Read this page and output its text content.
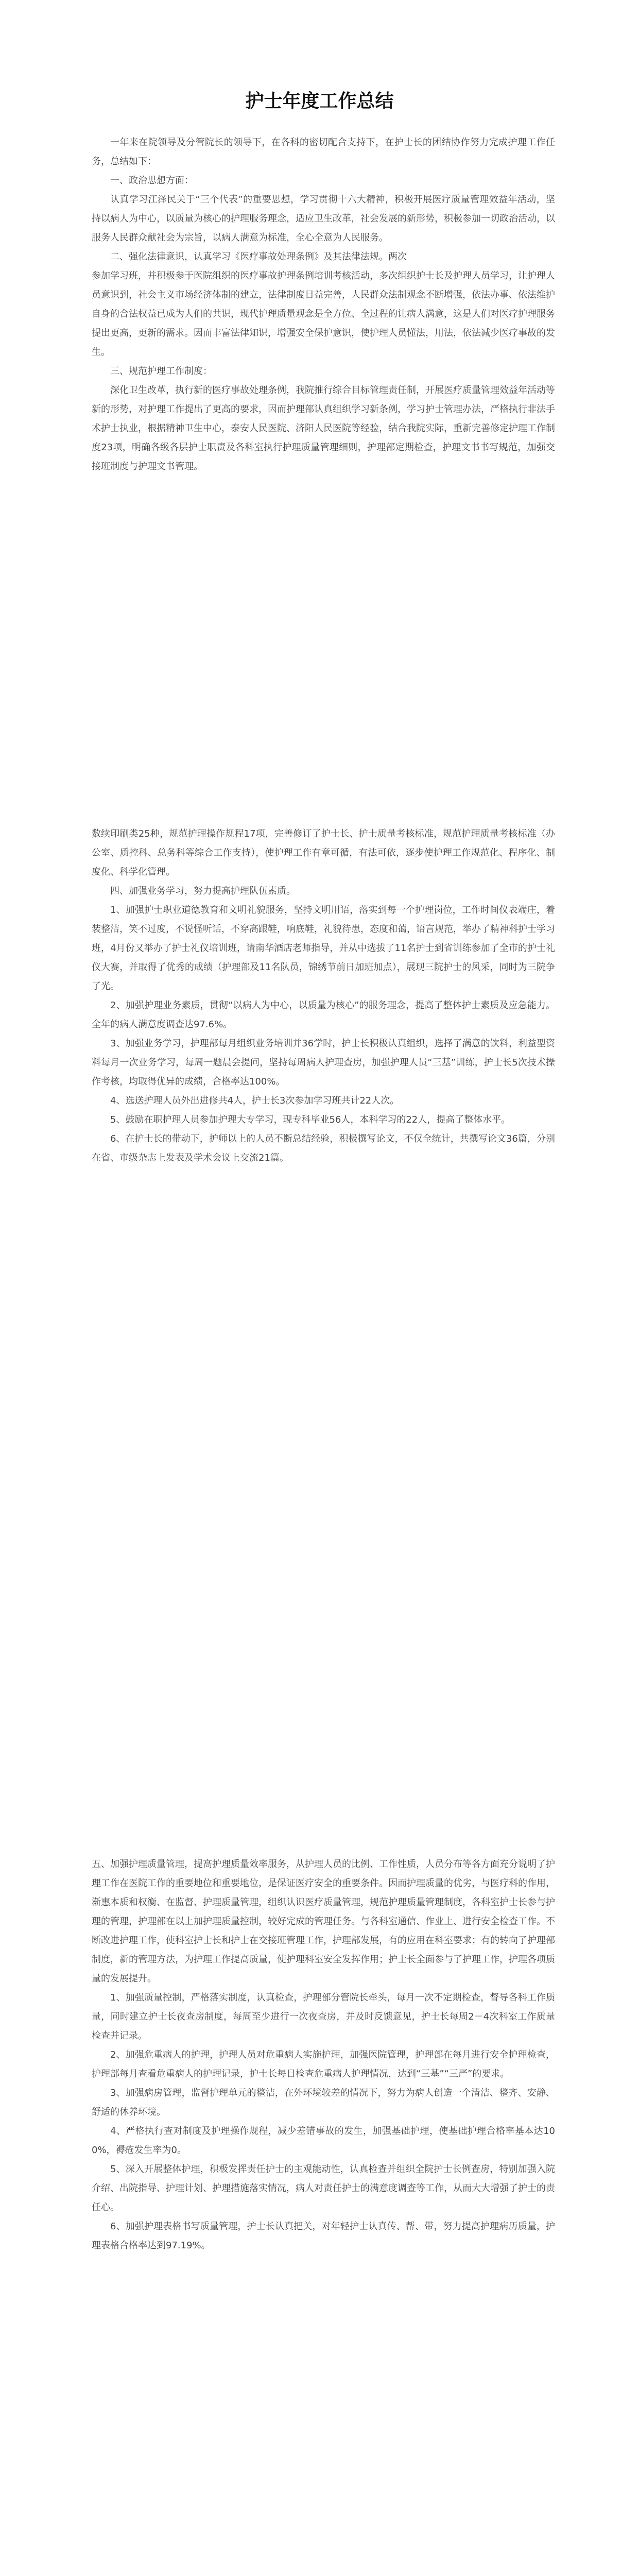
护士年度工作总结

一年来在院领导及分管院长的领导下，在各科的密切配合支持下，在护士长的团结协作努力完成护理工作任务，总结如下：

一、政治思想方面：

认真学习江泽民关于“三个代表”的重要思想，学习贯彻十六大精神，积极开展医疗质量管理效益年活动，坚持以病人为中心，以质量为核心的护理服务理念，适应卫生改革，社会发展的新形势，积极参加一切政治活动，以服务人民群众献社会为宗旨，以病人满意为标准，全心全意为人民服务。

二、强化法律意识，认真学习《医疗事故处理条例》及其法律法规。两次

参加学习班，并积极参于医院组织的医疗事故护理条例培训考核活动，多次组织护士长及护理人员学习，让护理人员意识到，社会主义市场经济体制的建立，法律制度日益完善，人民群众法制观念不断增强，依法办事、依法维护自身的合法权益已成为人们的共识，现代护理质量观念是全方位、全过程的让病人满意，这是人们对医疗护理服务提出更高，更新的需求。因而丰富法律知识，增强安全保护意识，使护理人员懂法，用法，依法减少医疗事故的发生。

三、规范护理工作制度：

深化卫生改革，执行新的医疗事故处理条例，我院推行综合目标管理责任制，开展医疗质量管理效益年活动等新的形势，对护理工作提出了更高的要求，因而护理部认真组织学习新条例，学习护士管理办法，严格执行非法手术护士执业，根据精神卫生中心，泰安人民医院、济阳人民医院等经验，结合我院实际，重新完善修定护理工作制度23项，明确各级各层护士职责及各科室执行护理质量管理细则，护理部定期检查，护理文书书写规范，加强交接班制度与护理文书管理。

数续印刷类25种，规范护理操作规程17项，完善修订了护士长、护士质量考核标准，规范护理质量考核标准（办公室、质控科、总务科等综合工作支持），使护理工作有章可循，有法可依，逐步使护理工作规范化、程序化、制度化、科学化管理。

四、加强业务学习，努力提高护理队伍素质。

1、加强护士职业道德教育和文明礼貌服务，坚持文明用语，落实到每一个护理岗位，工作时间仪表端庄，着装整洁，笑不过度，不说怪听话，不穿高跟鞋，响底鞋，礼貌待患，态度和蔼，语言规范，举办了精神科护士学习班，4月份又举办了护士礼仪培训班，请南华酒店老师指导，并从中选拔了11名护士到省训练参加了全市的护士礼仪大赛，并取得了优秀的成绩（护理部及11名队员，锦绣节前日加班加点），展现三院护士的风采，同时为三院争了光。

2、加强护理业务素质，贯彻“以病人为中心，以质量为核心”的服务理念，提高了整体护士素质及应急能力。全年的病人满意度调查达97.6%。

3、加强业务学习，护理部每月组织业务培训并36学时，护士长积极认真组织，选择了满意的饮料，利益型资料每月一次业务学习，每周一题晨会提问，坚持每周病人护理查房，加强护理人员“三基”训练，护士长5次技术操作考核，均取得优异的成绩，合格率达100%。

4、选送护理人员外出进修共4人，护士长3次参加学习班共计22人次。

5、鼓励在职护理人员参加护理大专学习，现专科毕业56人，本科学习的22人，提高了整体水平。

6、在护士长的带动下，护师以上的人员不断总结经验，积极撰写论文，不仅全统计，共撰写论文36篇，分别在省、市级杂志上发表及学术会议上交流21篇。

五、加强护理质量管理，提高护理质量效率服务，从护理人员的比例、工作性质，人员分布等各方面充分说明了护理工作在医院工作的重要地位和重要地位，是保证医疗安全的重要条件。因而护理质量的优劣，与医疗科的作用，渐惠本质和权衡、在监督、护理质量管理，组织认识医疗质量管理，规范护理质量管理制度，各科室护士长参与护理的管理，护理部在以上加护理质量控制，较好完成的管理任务。与各科室通信、作业上、进行安全检查工作。不断改进护理工作，使科室护士长和护士在交接班管理工作，护理部发展，有的应用在科室要求；有的转向了护理部制度，新的管理方法，为护理工作提高质量，使护理科室安全发挥作用；护士长全面参与了护理工作，护理各项质量的发展提升。

1、加强质量控制，严格落实制度，认真检查，护理部分管院长牵头，每月一次不定期检查，督导各科工作质量，同时建立护士长夜查房制度，每周至少进行一次夜查房，并及时反馈意见，护士长每周2－4次科室工作质量检查并记录。

2、加强危重病人的护理，护理人员对危重病人实施护理，加强医院管理，护理部在每月进行安全护理检查，护理部每月查看危重病人的护理记录，护士长每日检查危重病人护理情况，达到“三基”“三严”的要求。

3、加强病房管理，监督护理单元的整洁，在外环境较差的情况下，努力为病人创造一个清洁、整齐、安静、舒适的休养环境。

4、严格执行查对制度及护理操作规程，减少差错事故的发生，加强基础护理，使基础护理合格率基本达100%，褥疮发生率为0。

5、深入开展整体护理，积极发挥责任护士的主观能动性，认真检查并组织全院护士长例查房，特别加强入院介绍、出院指导、护理计划、护理措施落实情况，病人对责任护士的满意度调查等工作，从而大大增强了护士的责任心。

6、加强护理表格书写质量管理，护士长认真把关，对年轻护士认真传、帮、带，努力提高护理病历质量，护理表格合格率达到97.19%。
